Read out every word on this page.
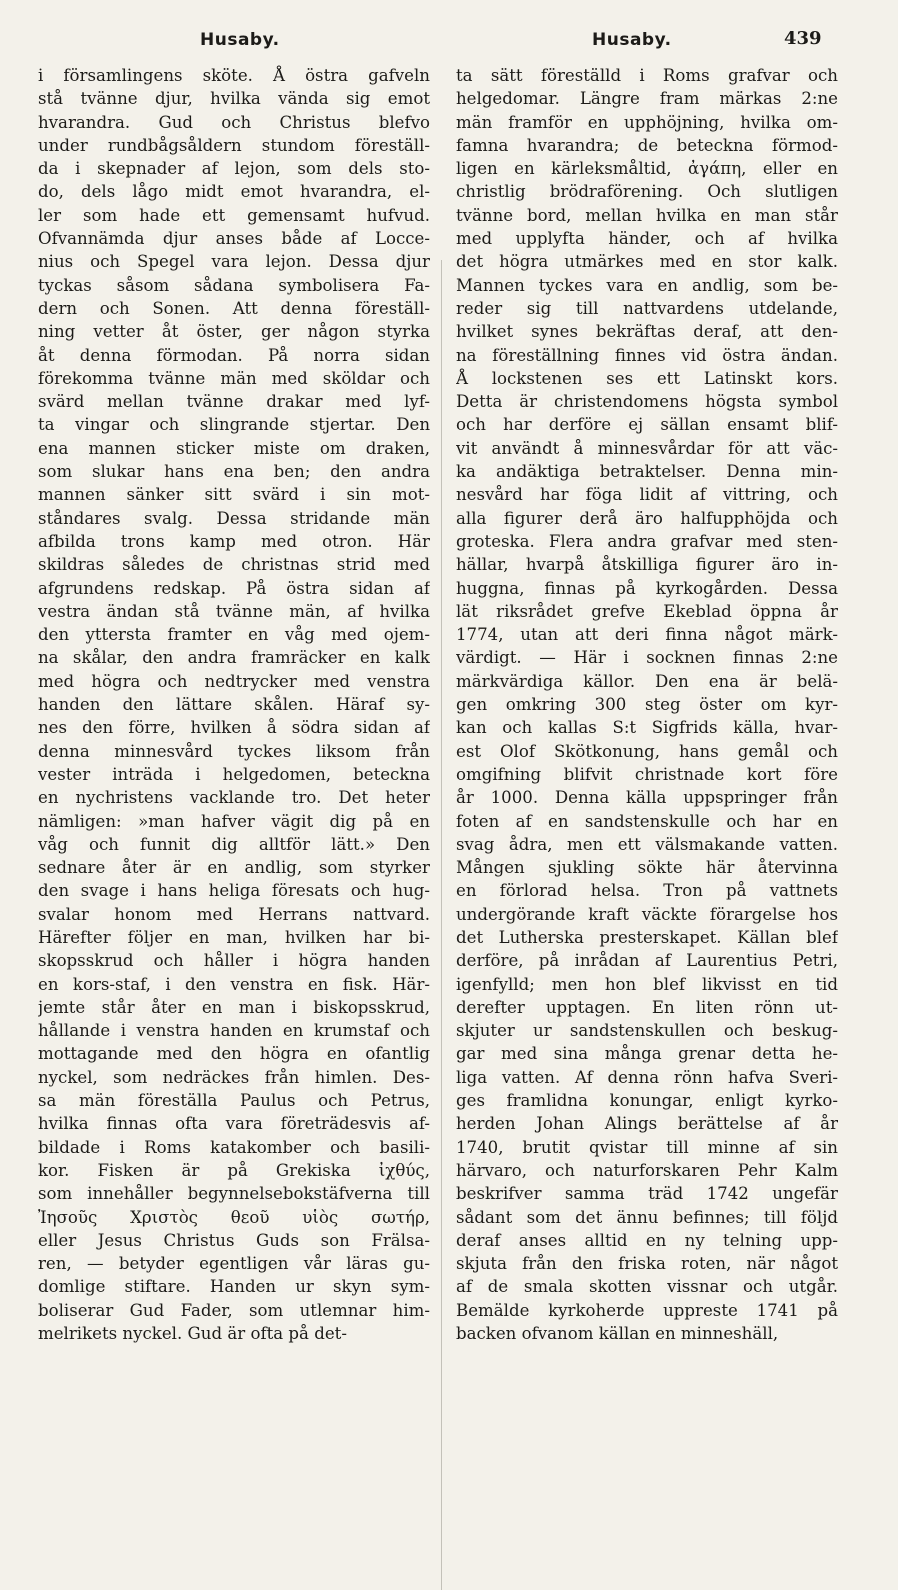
Husaby.	Husaby.	439
i församlingens sköte. Å östra gafveln
stå tvänne djur, hvilka vända sig emot
hvarandra. Gud och Christus blefvo
under rundbågsåldern stundom föreställ-
da i skepnader af lejon, som dels sto-
do, dels lågo midt emot hvarandra, el-
ler som hade ett gemensamt hufvud.
Ofvannämda djur anses både af Locce-
nius och Spegel vara lejon. Dessa djur
tyckas såsom sådana symbolisera Fa-
dern och Sonen. Att denna föreställ-
ning vetter åt öster, ger någon styrka
åt denna förmodan. På norra sidan
förekomma tvänne män med sköldar och
svärd mellan tvänne drakar med lyf-
ta vingar och slingrande stjertar. Den
ena mannen sticker miste om draken,
som slukar hans ena ben; den andra
mannen sänker sitt svärd i sin mot-
ståndares svalg. Dessa stridande män
afbilda trons kamp med otron. Här
skildras således de christnas strid med
afgrundens redskap. På östra sidan af
vestra ändan stå tvänne män, af hvilka
den yttersta framter en våg med ojem-
na skålar, den andra framräcker en kalk
med högra och nedtrycker med venstra
handen den lättare skålen. Häraf sy-
nes den förre, hvilken å södra sidan af
denna minnesvård tyckes liksom från
vester inträda i helgedomen, beteckna
en nychristens vacklande tro. Det heter
nämligen: »man hafver vägit dig på en
våg och funnit dig alltför lätt.» Den
sednare åter är en andlig, som styrker
den svage i hans heliga föresats och hug-
svalar honom med Herrans nattvard.
Härefter följer en man, hvilken har bi-
skopsskrud och håller i högra handen
en kors-staf, i den venstra en fisk. Här-
jemte står åter en man i biskopsskrud,
hållande i venstra handen en krumstaf och
mottagande med den högra en ofantlig
nyckel, som nedräckes från himlen. Des-
sa män föreställa Paulus och Petrus,
hvilka finnas ofta vara företrädesvis af-
bildade i Roms katakomber och basili-
kor. Fisken är på Grekiska ἰχθύς,
som innehåller begynnelsebokstäfverna till
Ἰησοῦς Χριστὸς θεοῦ υἱὸς σωτήρ,
eller Jesus Christus Guds son Frälsa-
ren, — betyder egentligen vår läras gu-
domlige stiftare. Handen ur skyn sym-
boliserar Gud Fader, som utlemnar him-
melrikets nyckel. Gud är ofta på det-
ta sätt föreställd i Roms grafvar och
helgedomar. Längre fram märkas 2:ne
män framför en upphöjning, hvilka om-
famna hvarandra; de beteckna förmod-
ligen en kärleksmåltid, ἀγάπη, eller en
christlig brödraförening. Och slutligen
tvänne bord, mellan hvilka en man står
med upplyfta händer, och af hvilka
det högra utmärkes med en stor kalk.
Mannen tyckes vara en andlig, som be-
reder sig till nattvardens utdelande,
hvilket synes bekräftas deraf, att den-
na föreställning finnes vid östra ändan.
Å lockstenen ses ett Latinskt kors.
Detta är christendomens högsta symbol
och har derföre ej sällan ensamt blif-
vit användt å minnesvårdar för att väc-
ka andäktiga betraktelser. Denna min-
nesvård har föga lidit af vittring, och
alla figurer derå äro halfupphöjda och
groteska. Flera andra grafvar med sten-
hällar, hvarpå åtskilliga figurer äro in-
huggna, finnas på kyrkogården. Dessa
lät riksrådet grefve Ekeblad öppna år
1774, utan att deri finna något märk-
värdigt. — Här i socknen finnas 2:ne
märkvärdiga källor. Den ena är belä-
gen omkring 300 steg öster om kyr-
kan och kallas S:t Sigfrids källa, hvar-
est Olof Skötkonung, hans gemål och
omgifning blifvit christnade kort före
år 1000. Denna källa uppspringer från
foten af en sandstenskulle och har en
svag ådra, men ett välsmakande vatten.
Mången sjukling sökte här återvinna
en förlorad helsa. Tron på vattnets
undergörande kraft väckte förargelse hos
det Lutherska presterskapet. Källan blef
derföre, på inrådan af Laurentius Petri,
igenfylld; men hon blef likvisst en tid
derefter upptagen. En liten rönn ut-
skjuter ur sandstenskullen och beskug-
gar med sina många grenar detta he-
liga vatten. Af denna rönn hafva Sveri-
ges framlidna konungar, enligt kyrko-
herden Johan Alings berättelse af år
1740, brutit qvistar till minne af sin
härvaro, och naturforskaren Pehr Kalm
beskrifver samma träd 1742 ungefär
sådant som det ännu befinnes; till följd
deraf anses alltid en ny telning upp-
skjuta från den friska roten, när något
af de smala skotten vissnar och utgår.
Bemälde kyrkoherde uppreste 1741 på
backen ofvanom källan en minneshäll,
